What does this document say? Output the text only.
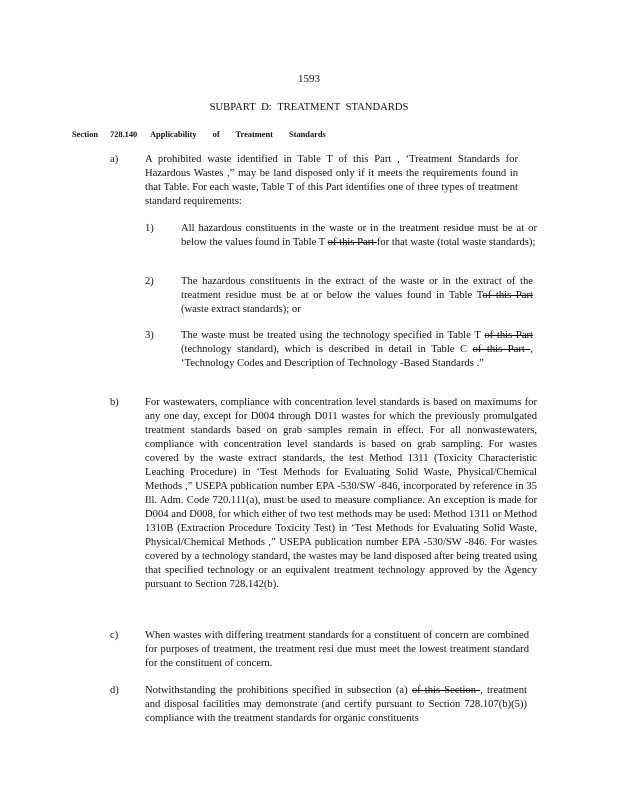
1593
SUBPART D: TREATMENT STANDARDS
Section 728.140 Applicability of Treatment Standards
a)	A prohibited waste identified in Table T of this Part , ‘Treatment Standards for Hazardous Wastes ,” may be land disposed only if it meets the requirements found in that Table. For each waste, Table T of this Part identifies one of three types of treatment standard requirements:
1)	All hazardous constituents in the waste or in the treatment residue must be at or below the values found in Table T of this Part for that waste (total waste standards);
2)	The hazardous constituents in the extract of the waste or in the extract of the treatment residue must be at or below the values found in Table Tof this Part (waste extract standards); or
3)	The waste must be treated using the technology specified in Table T of this Part (technology standard), which is described in detail in Table C of this Part , ‘Technology Codes and Description of Technology -Based Standards .”
b)	For wastewaters, compliance with concentration level standards is based on maximums for any one day, except for D004 through D011 wastes for which the previously promulgated treatment standards based on grab samples remain in effect. For all nonwastewaters, compliance with concentration level standards is based on grab sampling. For wastes covered by the waste extract standards, the test Method 1311 (Toxicity Characteristic Leaching Procedure) in ‘Test Methods for Evaluating Solid Waste, Physical/Chemical Methods ,” USEPA publication number EPA -530/SW -846, incorporated by reference in 35 Ill. Adm. Code 720.111(a), must be used to measure compliance. An exception is made for D004 and D008, for which either of two test methods may be used: Method 1311 or Method 1310B (Extraction Procedure Toxicity Test) in ‘Test Methods for Evaluating Solid Waste, Physical/Chemical Methods ,” USEPA publication number EPA -530/SW -846. For wastes covered by a technology standard, the wastes may be land disposed after being treated using that specified technology or an equivalent treatment technology approved by the Agency pursuant to Section 728.142(b).
c)	When wastes with differing treatment standards for a constituent of concern are combined for purposes of treatment, the treatment resi due must meet the lowest treatment standard for the constituent of concern.
d)	Notwithstanding the prohibitions specified in subsection (a) of this Section , treatment and disposal facilities may demonstrate (and certify pursuant to Section 728.107(b)(5)) compliance with the treatment standards for organic constituents
